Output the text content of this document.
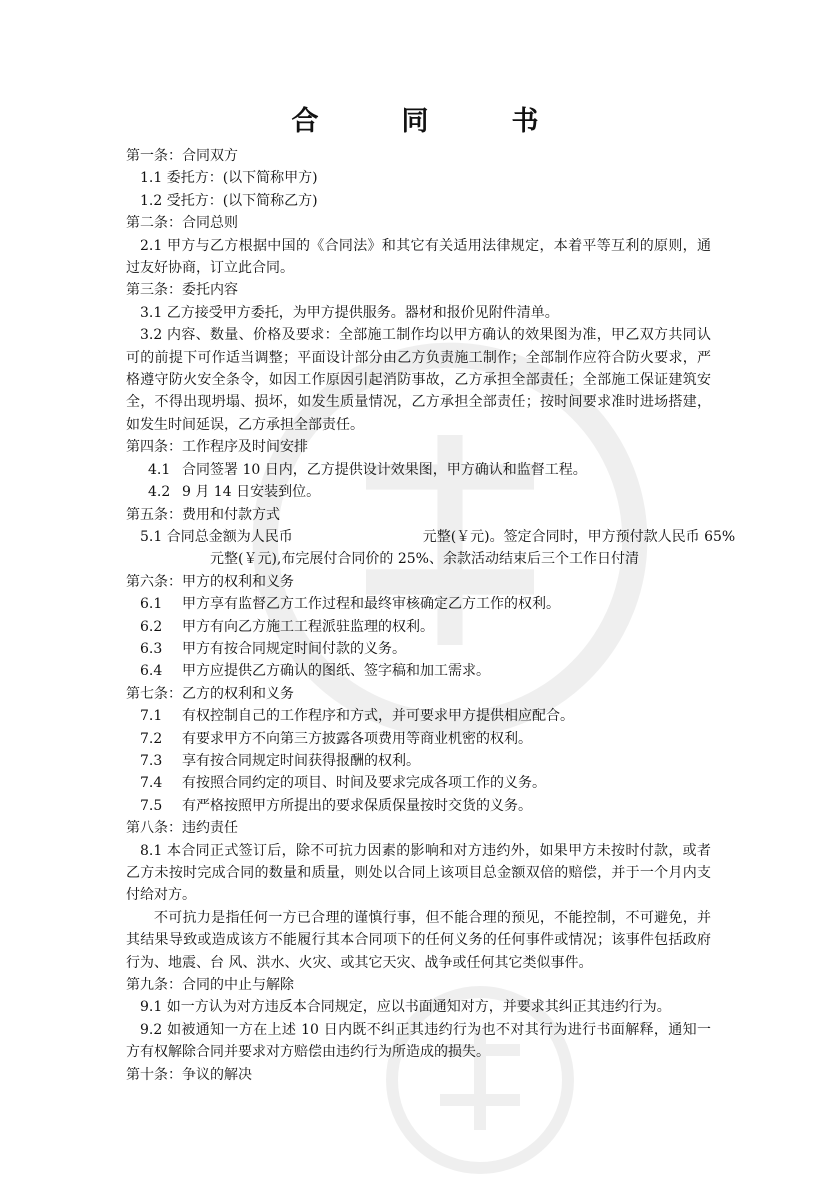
合　同　书
第一条：合同双方
1.1 委托方：(以下简称甲方)
1.2 受托方：(以下简称乙方)
第二条：合同总则
2.1 甲方与乙方根据中国的《合同法》和其它有关适用法律规定，本着平等互利的原则，通过友好协商，订立此合同。
第三条：委托内容
3.1 乙方接受甲方委托，为甲方提供服务。器材和报价见附件清单。
3.2 内容、数量、价格及要求：全部施工制作均以甲方确认的效果图为准，甲乙双方共同认可的前提下可作适当调整；平面设计部分由乙方负责施工制作；全部制作应符合防火要求，严格遵守防火安全条令，如因工作原因引起消防事故，乙方承担全部责任；全部施工保证建筑安全，不得出现坍塌、损坏，如发生质量情况，乙方承担全部责任；按时间要求准时进场搭建，如发生时间延误，乙方承担全部责任。
第四条：工作程序及时间安排
4.1 合同签署 10 日内，乙方提供设计效果图，甲方确认和监督工程。
4.2 9 月 14 日安装到位。
第五条：费用和付款方式
5.1 合同总金额为人民币	元整(￥元)。签定合同时，甲方预付款人民币 65%
元整(￥元),布完展付合同价的 25%、余款活动结束后三个工作日付清
第六条：甲方的权利和义务
6.1 甲方享有监督乙方工作过程和最终审核确定乙方工作的权利。
6.2 甲方有向乙方施工工程派驻监理的权利。
6.3 甲方有按合同规定时间付款的义务。
6.4 甲方应提供乙方确认的图纸、签字稿和加工需求。
第七条：乙方的权利和义务
7.1 有权控制自己的工作程序和方式，并可要求甲方提供相应配合。
7.2 有要求甲方不向第三方披露各项费用等商业机密的权利。
7.3 享有按合同规定时间获得报酬的权利。
7.4 有按照合同约定的项目、时间及要求完成各项工作的义务。
7.5 有严格按照甲方所提出的要求保质保量按时交货的义务。
第八条：违约责任
8.1 本合同正式签订后，除不可抗力因素的影响和对方违约外，如果甲方未按时付款，或者乙方未按时完成合同的数量和质量，则处以合同上该项目总金额双倍的赔偿，并于一个月内支付给对方。
不可抗力是指任何一方已合理的谨慎行事，但不能合理的预见，不能控制，不可避免，并其结果导致或造成该方不能履行其本合同项下的任何义务的任何事件或情况；该事件包括政府行为、地震、台 风、洪水、火灾、或其它天灾、战争或任何其它类似事件。
第九条：合同的中止与解除
9.1 如一方认为对方违反本合同规定，应以书面通知对方，并要求其纠正其违约行为。
9.2 如被通知一方在上述 10 日内既不纠正其违约行为也不对其行为进行书面解释，通知一方有权解除合同并要求对方赔偿由违约行为所造成的损失。
第十条：争议的解决
